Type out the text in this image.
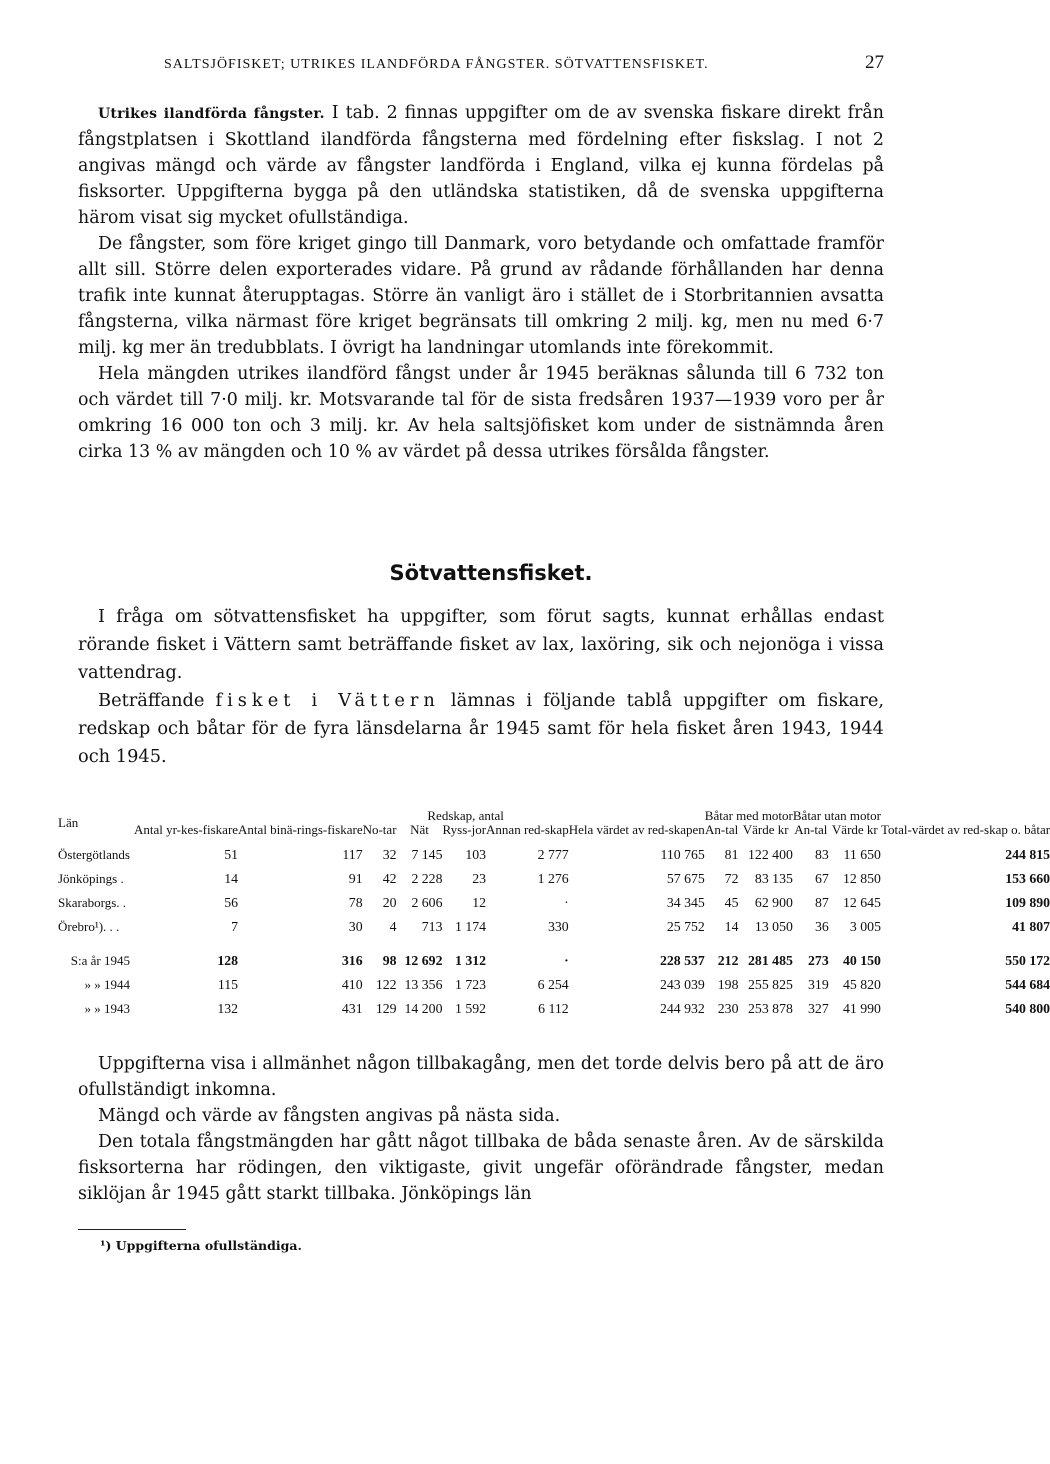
SALTSJÖFISKET; UTRIKES ILANDFÖRDA FÅNGSTER. SÖTVATTENSFISKET.	27

Utrikes ilandförda fångster. I tab. 2 finnas uppgifter om de av svenska fiskare direkt från fångstplatsen i Skottland ilandförda fångsterna med fördelning efter fiskslag. I not 2 angivas mängd och värde av fångster landförda i England, vilka ej kunna fördelas på fisksorter. Uppgifterna bygga på den utländska statistiken, då de svenska uppgifterna härom visat sig mycket ofullständiga.

De fångster, som före kriget gingo till Danmark, voro betydande och omfattade framför allt sill. Större delen exporterades vidare. På grund av rådande förhållanden har denna trafik inte kunnat återupptagas. Större än vanligt äro i stället de i Storbritannien avsatta fångsterna, vilka närmast före kriget begränsats till omkring 2 milj. kg, men nu med 6·7 milj. kg mer än tredubblats. I övrigt ha landningar utomlands inte förekommit.

Hela mängden utrikes ilandförd fångst under år 1945 beräknas sålunda till 6 732 ton och värdet till 7·0 milj. kr. Motsvarande tal för de sista fredsåren 1937—1939 voro per år omkring 16 000 ton och 3 milj. kr. Av hela saltsjöfisket kom under de sistnämnda åren cirka 13 % av mängden och 10 % av värdet på dessa utrikes försålda fångster.

Sötvattensfisket.

I fråga om sötvattensfisket ha uppgifter, som förut sagts, kunnat erhållas endast rörande fisket i Vättern samt beträffande fisket av lax, laxöring, sik och nejonöga i vissa vattendrag.

Beträffande fisket i Vättern lämnas i följande tablå uppgifter om fiskare, redskap och båtar för de fyra länsdelarna år 1945 samt för hela fisket åren 1943, 1944 och 1945.

Län	Antal yr-kes-fiskare	Antal binä-rings-fiskare	Redskap, antal				Hela värdet av red-skapen	Båtar med motor		Båtar utan motor		Total-värdet av red-skap o. båtar
			No-tar	Nät	Ryss-jor	Annan red-skap		An-tal	Värde kr	An-tal	Värde kr	
Östergötlands	51	117	32	7 145	103	2 777	110 765	81	122 400	83	11 650	244 815
Jönköpings .	14	91	42	2 228	23	1 276	57 675	72	83 135	67	12 850	153 660
Skaraborgs. .	56	78	20	2 606	12	·	34 345	45	62 900	87	12 645	109 890
Örebro¹). . .	7	30	4	713	1 174	330	25 752	14	13 050	36	3 005	41 807
S:a år 1945	128	316	98	12 692	1 312	·	228 537	212	281 485	273	40 150	550 172
» » 1944	115	410	122	13 356	1 723	6 254	243 039	198	255 825	319	45 820	544 684
» » 1943	132	431	129	14 200	1 592	6 112	244 932	230	253 878	327	41 990	540 800

Uppgifterna visa i allmänhet någon tillbakagång, men det torde delvis bero på att de äro ofullständigt inkomna.

Mängd och värde av fångsten angivas på nästa sida.

Den totala fångstmängden har gått något tillbaka de båda senaste åren. Av de särskilda fisksorterna har rödingen, den viktigaste, givit ungefär oförändrade fångster, medan siklöjan år 1945 gått starkt tillbaka. Jönköpings län

¹) Uppgifterna ofullständiga.
